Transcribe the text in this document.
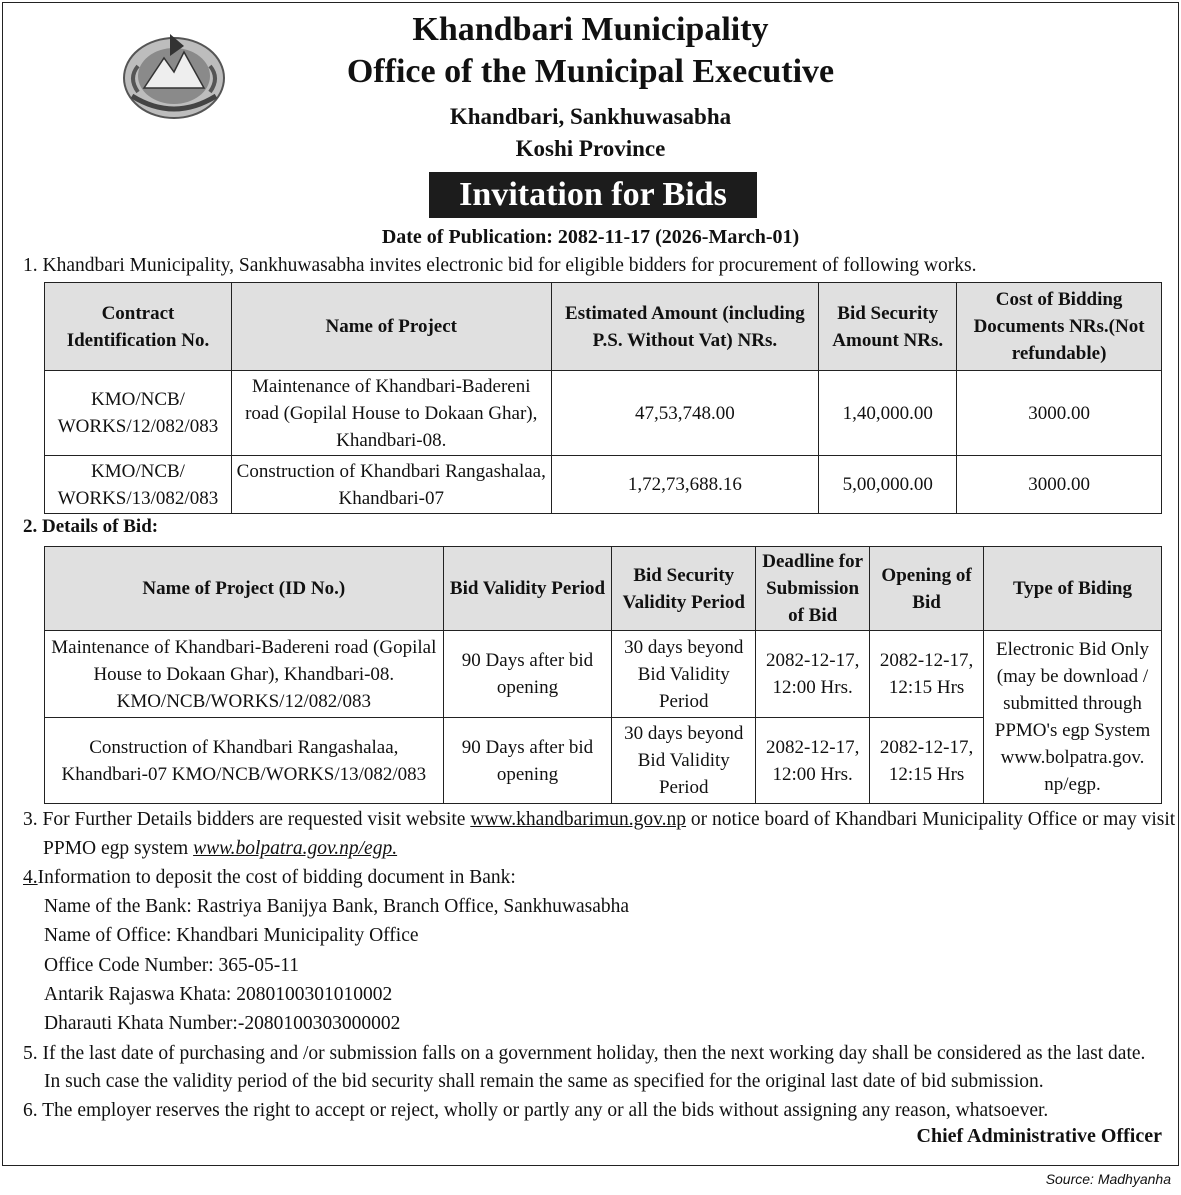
Khandbari Municipality

Office of the Municipal Executive

Khandbari, Sankhuwasabha

Koshi Province

Invitation for Bids
Date of Publication: 2082-11-17 (2026-March-01)
1. Khandbari Municipality, Sankhuwasabha invites electronic bid for eligible bidders for procurement of following works.
Contract Identification No.	Name of Project	Estimated Amount (including P.S. Without Vat) NRs.	Bid Security Amount NRs.	Cost of Bidding Documents NRs.(Not refundable)
KMO/NCB/ WORKS/12/082/083	Maintenance of Khandbari-Badereni road (Gopilal House to Dokaan Ghar), Khandbari-08.	47,53,748.00	1,40,000.00	3000.00
KMO/NCB/ WORKS/13/082/083	Construction of Khandbari Rangashalaa, Khandbari-07	1,72,73,688.16	5,00,000.00	3000.00
2. Details of Bid:
Name of Project (ID No.)	Bid Validity Period	Bid Security Validity Period	Deadline for Submission of Bid	Opening of Bid	Type of Biding
Maintenance of Khandbari-Badereni road (Gopilal House to Dokaan Ghar), Khandbari-08. KMO/NCB/WORKS/12/082/083	90 Days after bid opening	30 days beyond Bid Validity Period	2082-12-17, 12:00 Hrs.	2082-12-17, 12:15 Hrs	Electronic Bid Only (may be download / submitted through PPMO's egp System www.bolpatra.gov. np/egp.
Construction of Khandbari Rangashalaa, Khandbari-07 KMO/NCB/WORKS/13/082/083	90 Days after bid opening	30 days beyond Bid Validity Period	2082-12-17, 12:00 Hrs.	2082-12-17, 12:15 Hrs	
3. For Further Details bidders are requested visit website www.khandbarimun.gov.np or notice board of Khandbari Municipality Office or may visit PPMO egp system www.bolpatra.gov.np/egp.
4.Information to deposit the cost of bidding document in Bank:
Name of the Bank: Rastriya Banijya Bank, Branch Office, Sankhuwasabha
Name of Office: Khandbari Municipality Office
Office Code Number: 365-05-11
Antarik Rajaswa Khata: 2080100301010002
Dharauti Khata Number:-2080100303000002
5. If the last date of purchasing and /or submission falls on a government holiday, then the next working day shall be considered as the last date.
In such case the validity period of the bid security shall remain the same as specified for the original last date of bid submission.
6. The employer reserves the right to accept or reject, wholly or partly any or all the bids without assigning any reason, whatsoever.
Chief Administrative Officer
Source: Madhyanha
